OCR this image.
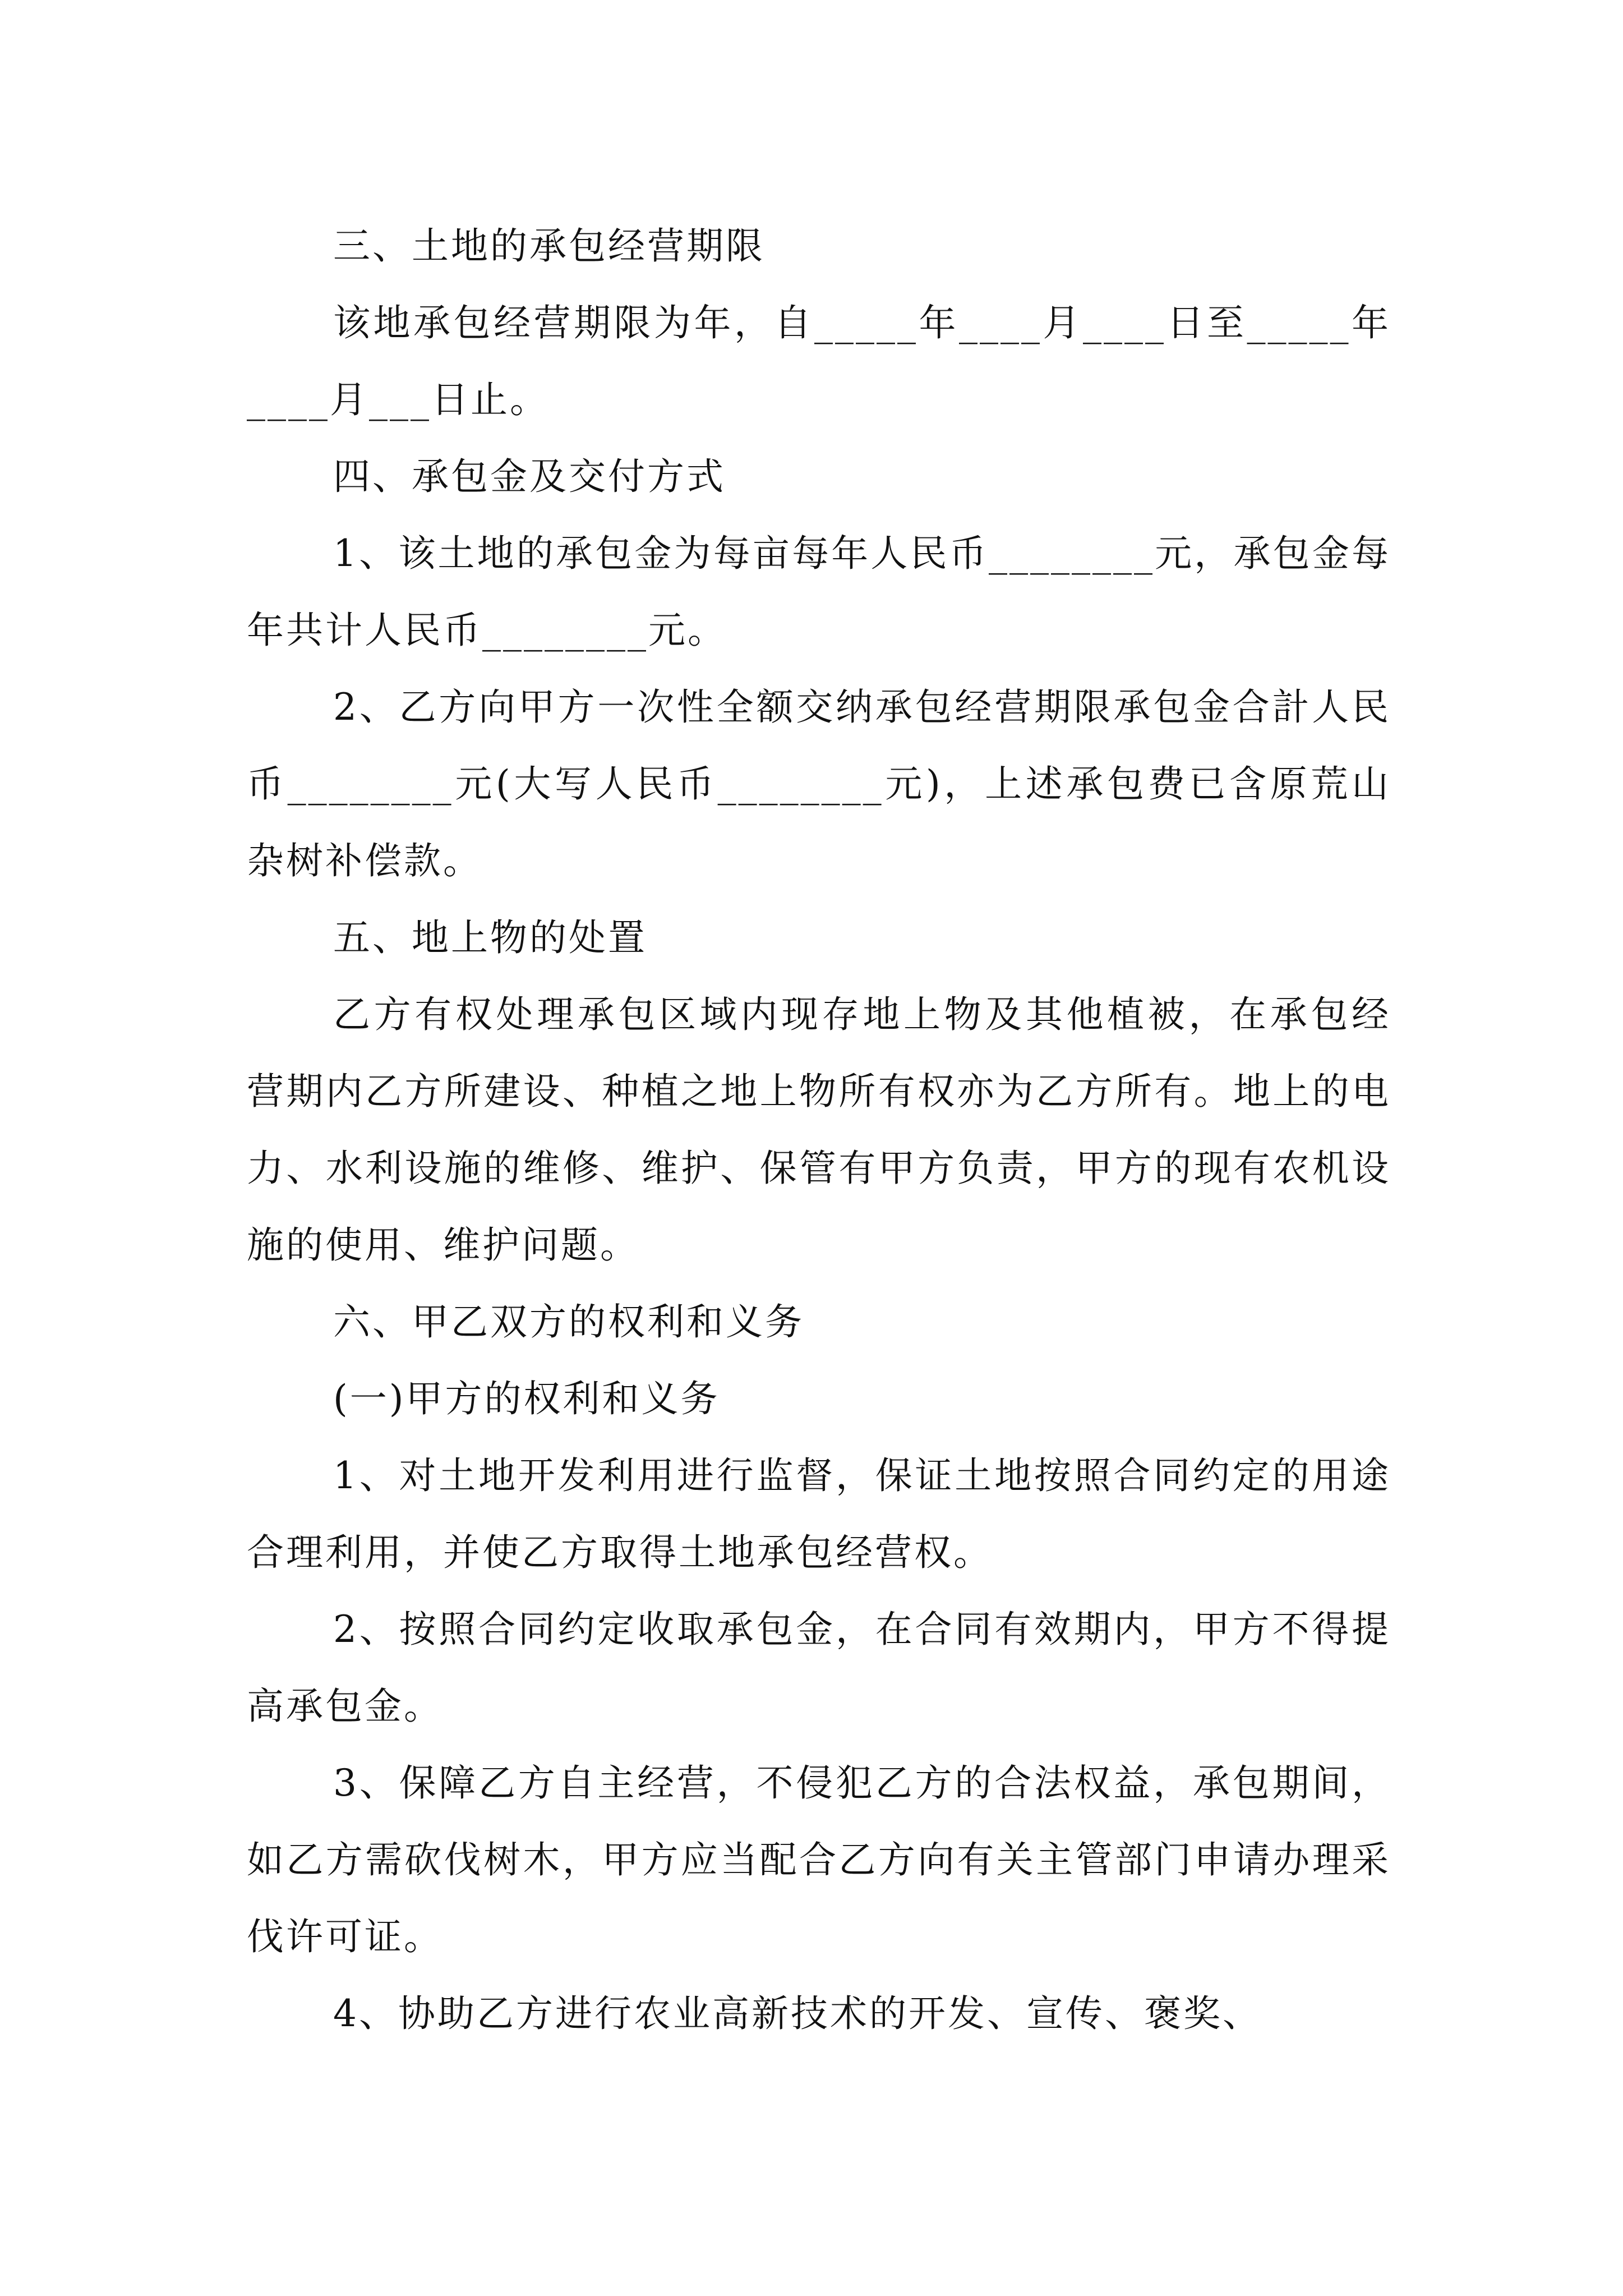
三、土地的承包经营期限

该地承包经营期限为年，自_____年____月____日至_____年____月___日止。

四、承包金及交付方式

1、该土地的承包金为每亩每年人民币________元，承包金每年共计人民币________元。

2、乙方向甲方一次性全额交纳承包经营期限承包金合計人民币________元(大写人民币________元)，上述承包费已含原荒山杂树补偿款。

五、地上物的处置

乙方有权处理承包区域内现存地上物及其他植被，在承包经营期内乙方所建设、种植之地上物所有权亦为乙方所有。地上的电力、水利设施的维修、维护、保管有甲方负责，甲方的现有农机设施的使用、维护问题。

六、甲乙双方的权利和义务

(一)甲方的权利和义务

1、对土地开发利用进行监督，保证土地按照合同约定的用途合理利用，并使乙方取得土地承包经营权。

2、按照合同约定收取承包金，在合同有效期内，甲方不得提高承包金。

3、保障乙方自主经营，不侵犯乙方的合法权益，承包期间，如乙方需砍伐树木，甲方应当配合乙方向有关主管部门申请办理采伐许可证。

4、协助乙方进行农业高新技术的开发、宣传、褒奖、
